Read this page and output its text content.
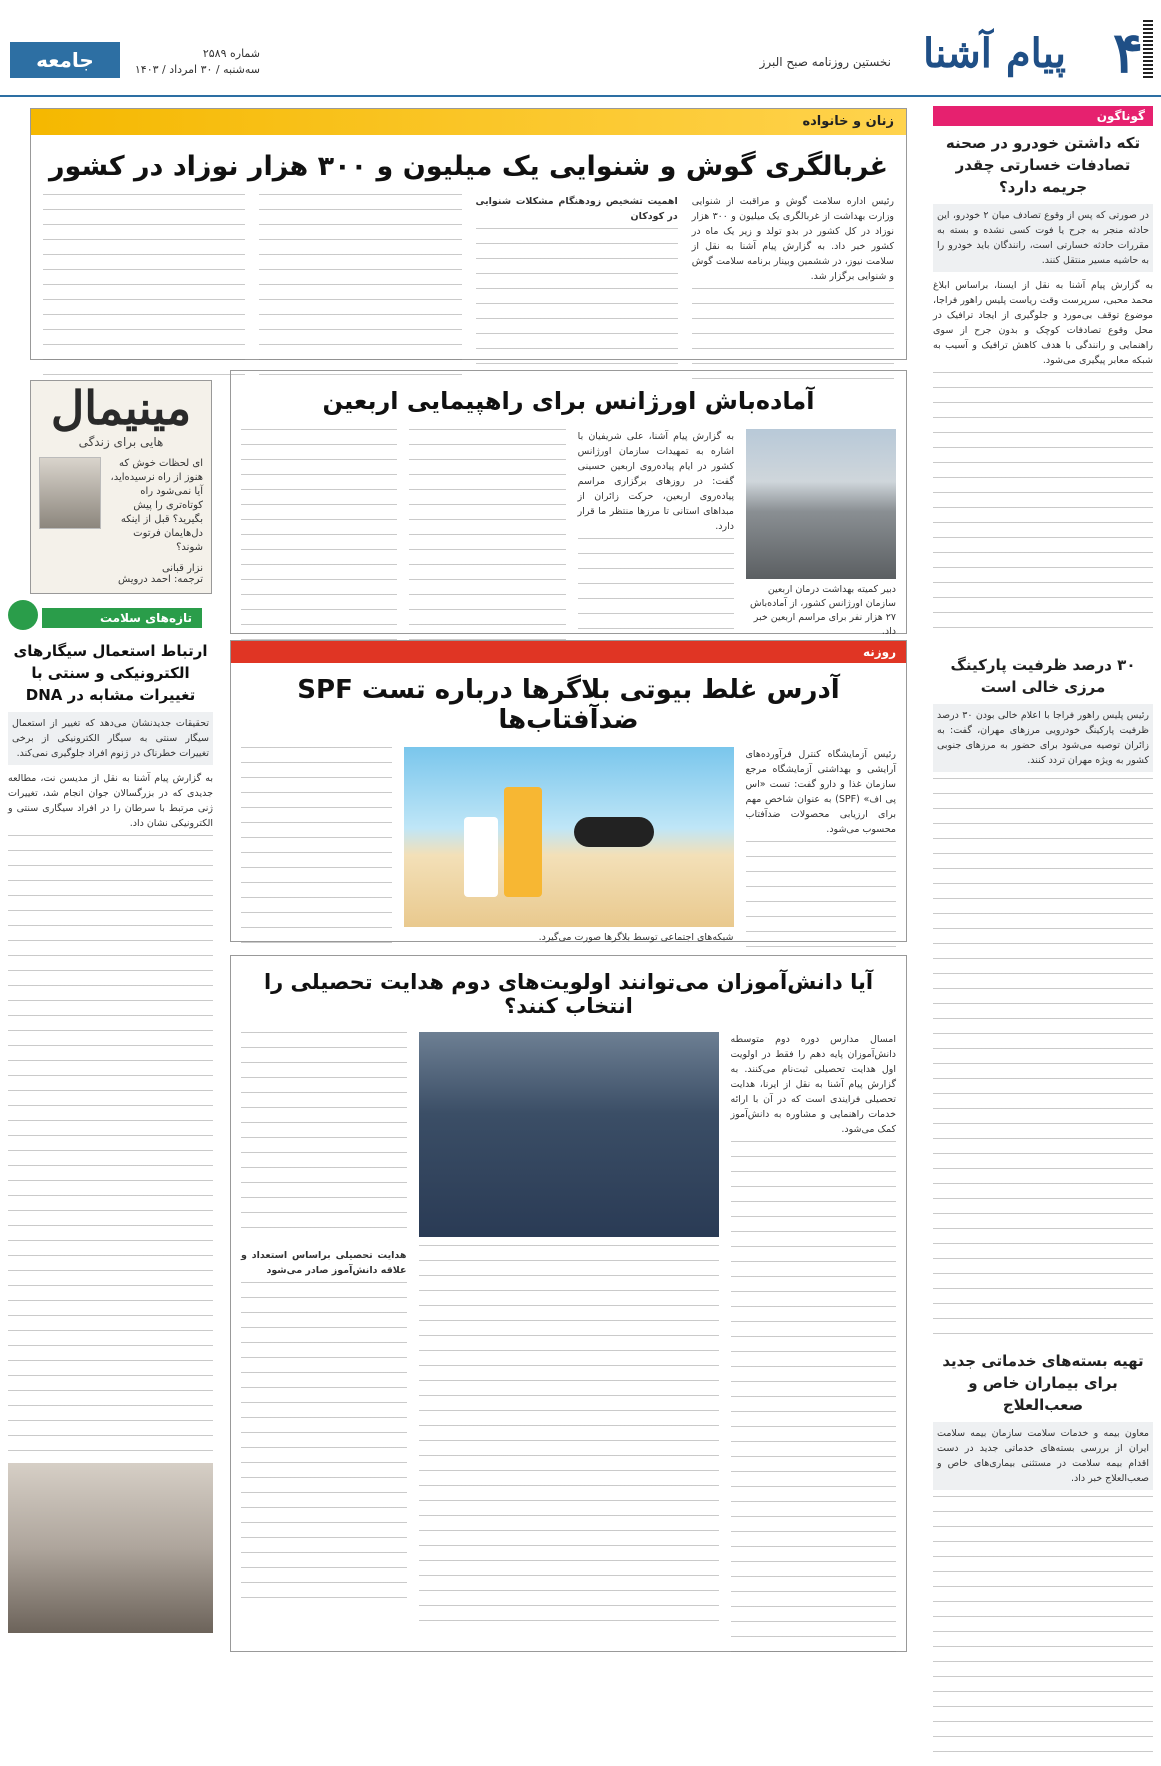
۴
پیام آشنا
نخستین روزنامه صبح البرز
شماره ۲۵۸۹
سه‌شنبه / ۳۰ امرداد / ۱۴۰۳
جامعه
گوناگون
تکه داشتن خودرو در صحنه تصادفات خسارتی چقدر جریمه دارد؟
در صورتی که پس از وقوع تصادف میان ۲ خودرو، این حادثه منجر به جرح یا فوت کسی نشده و بسته به مقررات حادثه خسارتی است، رانندگان باید خودرو را به حاشیه مسیر منتقل کنند.
به گزارش پیام آشنا به نقل از ایسنا، براساس ابلاغ محمد محبی، سرپرست وقت ریاست پلیس راهور فراجا، موضوع توقف بی‌مورد و جلوگیری از ایجاد ترافیک در محل وقوع تصادفات کوچک و بدون جرح از سوی راهنمایی و رانندگی با هدف کاهش ترافیک و آسیب به شبکه معابر پیگیری می‌شود.
۳۰ درصد ظرفیت پارکینگ مرزی خالی است
رئیس پلیس راهور فراجا با اعلام خالی بودن ۳۰ درصد ظرفیت پارکینگ خودرویی مرزهای مهران، گفت: به زائران توصیه می‌شود برای حضور به مرزهای جنوبی کشور به ویژه مهران تردد کنند.
تهیه بسته‌های خدماتی جدید برای بیماران خاص و صعب‌العلاج
معاون بیمه و خدمات سلامت سازمان بیمه سلامت ایران از بررسی بسته‌های خدماتی جدید در دست اقدام بیمه سلامت در مستثنی بیماری‌های خاص و صعب‌العلاج خبر داد.
زنان و خانواده
غربالگری گوش و شنوایی یک میلیون و ۳۰۰ هزار نوزاد در کشور
رئیس اداره سلامت گوش و مراقبت از شنوایی وزارت بهداشت از غربالگری یک میلیون و ۳۰۰ هزار نوزاد در کل کشور در بدو تولد و زیر یک ماه در کشور خبر داد. به گزارش پیام آشنا به نقل از سلامت نیوز، در ششمین وبینار برنامه سلامت گوش و شنوایی برگزار شد.
اهمیت تشخیص زودهنگام مشکلات شنوایی در کودکان
مینیمال
هایی برای زندگی
ای لحظات خوش که هنوز از راه نرسیده‌اید، آیا نمی‌شود راه کوتاه‌تری را پیش بگیرید؟ قبل از اینکه دل‌هایمان فرتوت شوند؟
نزار قبانی
ترجمه: احمد درویش
آماده‌باش اورژانس برای راهپیمایی اربعین
دبیر کمیته بهداشت درمان اربعین سازمان اورژانس کشور، از آماده‌باش ۲۷ هزار نفر برای مراسم اربعین خبر داد.
به گزارش پیام آشنا، علی شریفیان با اشاره به تمهیدات سازمان اورژانس کشور در ایام پیاده‌روی اربعین حسینی گفت: در روزهای برگزاری مراسم پیاده‌روی اربعین، حرکت زائران از مبداهای استانی تا مرزها منتظر ما قرار دارد.
تازه‌های سلامت
روزنه
آدرس غلط بیوتی بلاگرها درباره تست SPF ضدآفتاب‌ها
رئیس آزمایشگاه کنترل فرآورده‌های آرایشی و بهداشتی آزمایشگاه مرجع سازمان غذا و دارو گفت: تست «اس پی اف» (SPF) به عنوان شاخص مهم برای ارزیابی محصولات ضدآفتاب محسوب می‌شود.
شبکه‌های اجتماعی توسط بلاگرها صورت می‌گیرد.
ارتباط استعمال سیگارهای الکترونیکی و سنتی با تغییرات مشابه در DNA
تحقیقات جدیدنشان می‌دهد که تغییر از استعمال سیگار سنتی به سیگار الکترونیکی از برخی تغییرات خطرناک در ژنوم افراد جلوگیری نمی‌کند.
به گزارش پیام آشنا به نقل از مدیسن نت، مطالعه جدیدی که در بزرگسالان جوان انجام شد، تغییرات ژنی مرتبط با سرطان را در افراد سیگاری سنتی و الکترونیکی نشان داد.
آیا دانش‌آموزان می‌توانند اولویت‌های دوم هدایت تحصیلی را انتخاب کنند؟
امسال مدارس دوره دوم متوسطه دانش‌آموزان پایه دهم را فقط در اولویت اول هدایت تحصیلی ثبت‌نام می‌کنند. به گزارش پیام آشنا به نقل از ایرنا، هدایت تحصیلی فرایندی است که در آن با ارائه خدمات راهنمایی و مشاوره به دانش‌آموز کمک می‌شود.
هدایت تحصیلی براساس استعداد و علاقه دانش‌آموز صادر می‌شود
